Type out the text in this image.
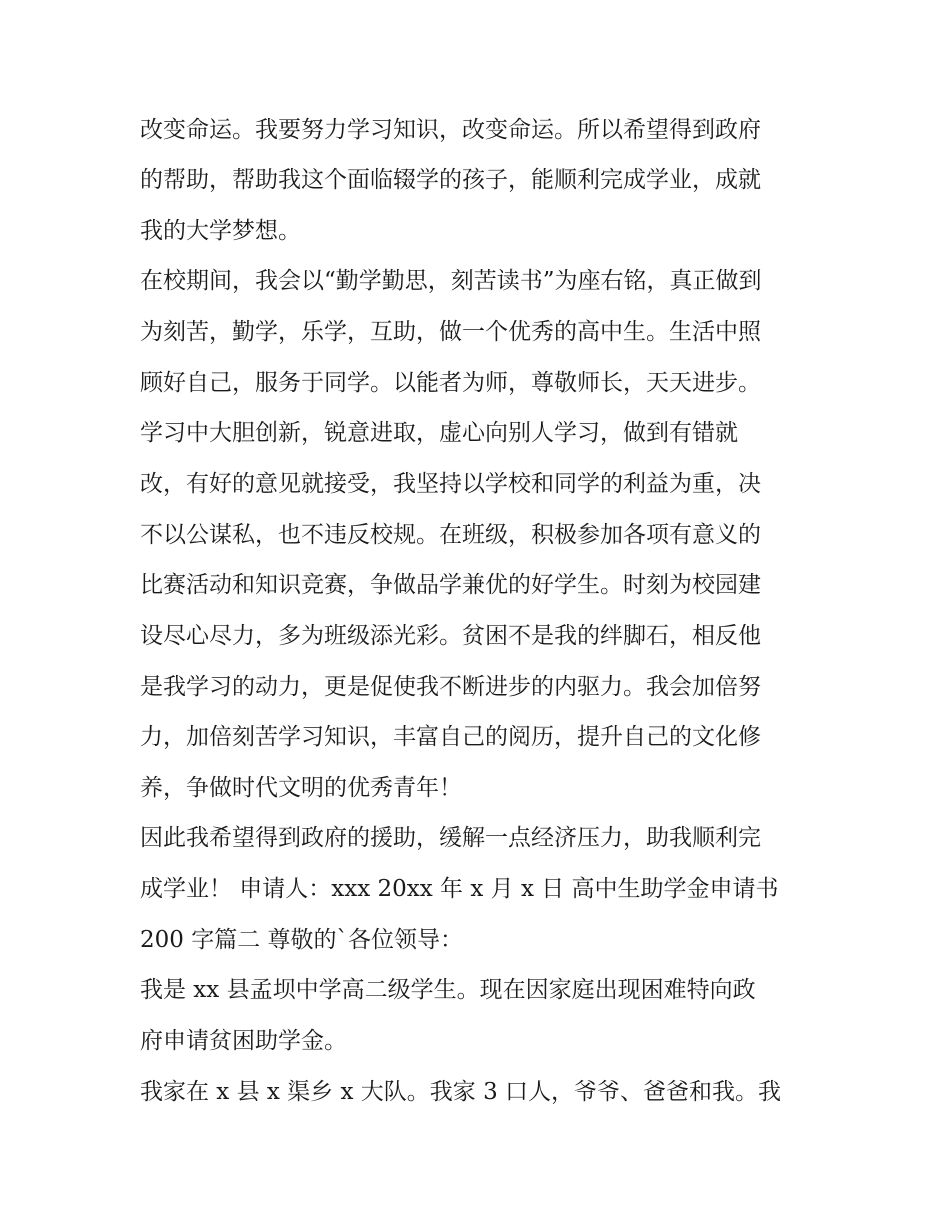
改变命运。我要努力学习知识，改变命运。所以希望得到政府

的帮助，帮助我这个面临辍学的孩子，能顺利完成学业，成就

我的大学梦想。

在校期间，我会以“勤学勤思，刻苦读书”为座右铭，真正做到

为刻苦，勤学，乐学，互助，做一个优秀的高中生。生活中照

顾好自己，服务于同学。以能者为师，尊敬师长，天天进步。

学习中大胆创新，锐意进取，虚心向别人学习，做到有错就

改，有好的意见就接受，我坚持以学校和同学的利益为重，决

不以公谋私，也不违反校规。在班级，积极参加各项有意义的

比赛活动和知识竞赛，争做品学兼优的好学生。时刻为校园建

设尽心尽力，多为班级添光彩。贫困不是我的绊脚石，相反他

是我学习的动力，更是促使我不断进步的内驱力。我会加倍努

力，加倍刻苦学习知识，丰富自己的阅历，提升自己的文化修

养，争做时代文明的优秀青年！

因此我希望得到政府的援助，缓解一点经济压力，助我顺利完

成学业！ 申请人：xxx 20xx 年 x 月 x 日 高中生助学金申请书

200 字篇二 尊敬的`各位领导：

我是 xx 县孟坝中学高二级学生。现在因家庭出现困难特向政

府申请贫困助学金。

我家在 x 县 x 渠乡 x 大队。我家 3 口人，爷爷、爸爸和我。我
